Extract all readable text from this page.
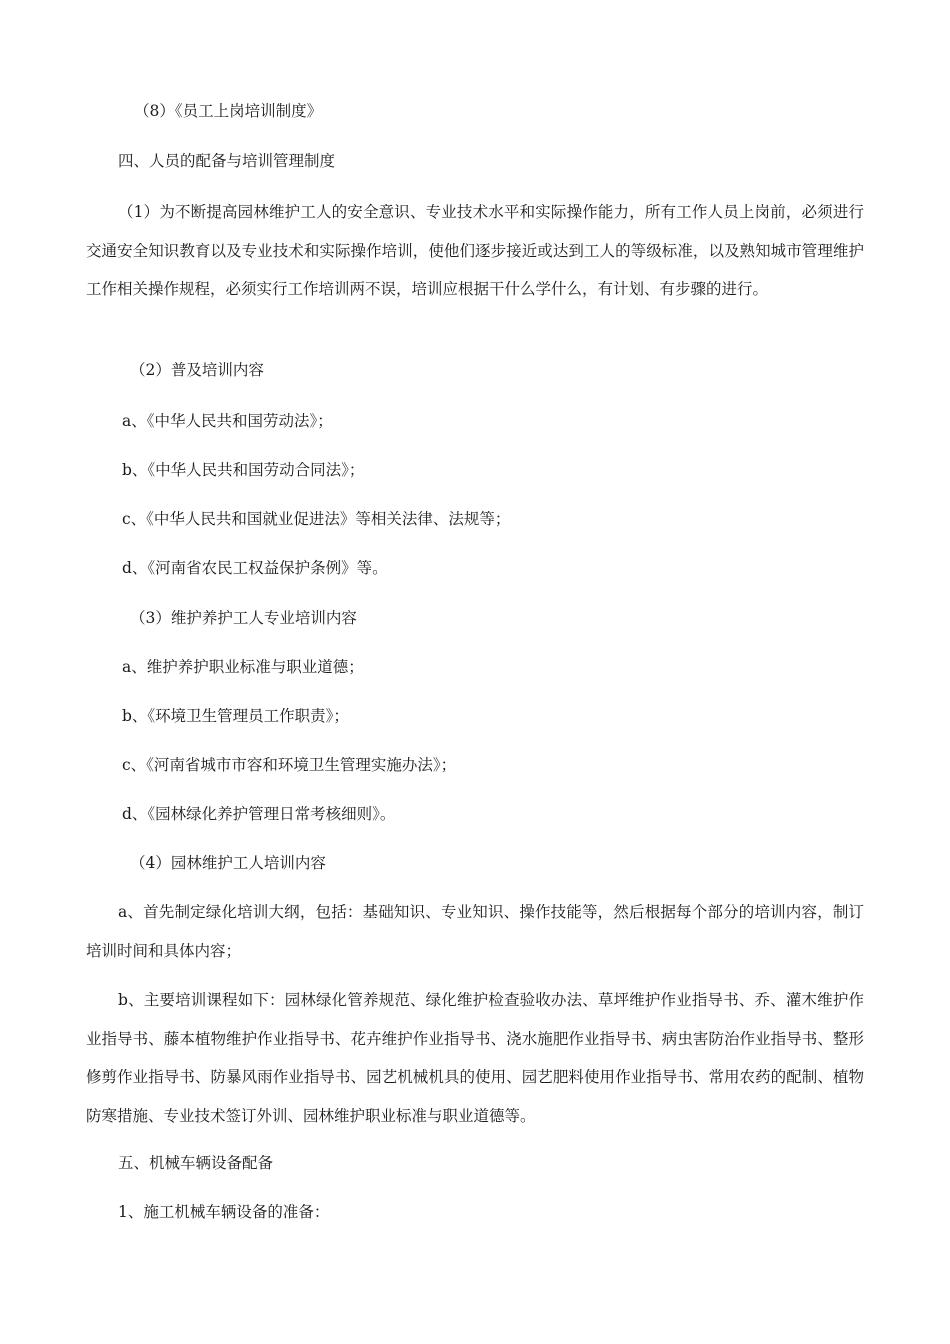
（8）《员工上岗培训制度》
四、人员的配备与培训管理制度
（1）为不断提高园林维护工人的安全意识、专业技术水平和实际操作能力，所有工作人员上岗前，必须进行交通安全知识教育以及专业技术和实际操作培训，使他们逐步接近或达到工人的等级标准，以及熟知城市管理维护工作相关操作规程，必须实行工作培训两不误，培训应根据干什么学什么，有计划、有步骤的进行。
（2）普及培训内容
a、《中华人民共和国劳动法》；
b、《中华人民共和国劳动合同法》；
c、《中华人民共和国就业促进法》等相关法律、法规等；
d、《河南省农民工权益保护条例》等。
（3）维护养护工人专业培训内容
a、维护养护职业标准与职业道德；
b、《环境卫生管理员工作职责》；
c、《河南省城市市容和环境卫生管理实施办法》；
d、《园林绿化养护管理日常考核细则》。
（4）园林维护工人培训内容
a、首先制定绿化培训大纲，包括：基础知识、专业知识、操作技能等，然后根据每个部分的培训内容，制订培训时间和具体内容；
b、主要培训课程如下：园林绿化管养规范、绿化维护检查验收办法、草坪维护作业指导书、乔、灌木维护作业指导书、藤本植物维护作业指导书、花卉维护作业指导书、浇水施肥作业指导书、病虫害防治作业指导书、整形修剪作业指导书、防暴风雨作业指导书、园艺机械机具的使用、园艺肥料使用作业指导书、常用农药的配制、植物防寒措施、专业技术签订外训、园林维护职业标准与职业道德等。
五、机械车辆设备配备
1、施工机械车辆设备的准备：
